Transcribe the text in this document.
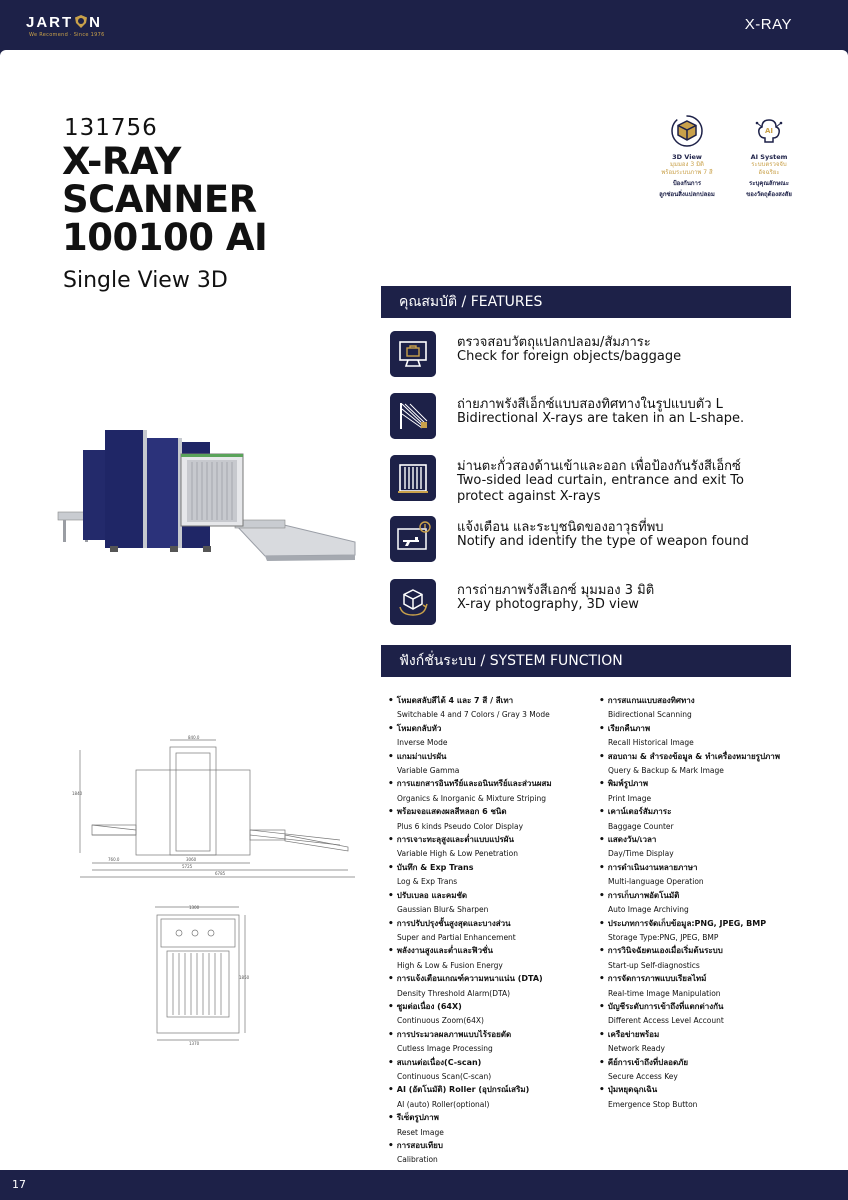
JART N
We Recomend · Since 1976
X-RAY
131756
X-RAY
SCANNER
100100 AI
Single View 3D
3D View
มุมมอง 3 มิติ
พร้อมระบบภาพ 7 สี
ป้องกันการ
ลูกซ่อนสิ่งแปลกปลอม
AI
AI System
ระบบตรวจจับ
อัจฉริยะ
ระบุคุณลักษณะ
ของวัตถุต้องสงสัย
คุณสมบัติ / FEATURES
ตรวจสอบวัตถุแปลกปลอม/สัมภาระ
Check for foreign objects/baggage
ถ่ายภาพรังสีเอ็กซ์แบบสองทิศทางในรูปแบบตัว L
Bidirectional X-rays are taken in an L-shape.
ม่านตะกั่วสองด้านเข้าและออก เพื่อป้องกันรังสีเอ็กซ์
Two-sided lead curtain, entrance and exit To
protect against X-rays
แจ้งเตือน และระบุชนิดของอาวุธที่พบ
Notify and identify the type of weapon found
การถ่ายภาพรังสีเอกซ์ มุมมอง 3 มิติ
X-ray photography, 3D view
840.0
1840
760.0	3060
5725
6785
1300
1850
1370
ฟังก์ชั่นระบบ / SYSTEM FUNCTION
• โหมดสลับสีได้ 4 และ 7 สี / สีเทา
Switchable 4 and 7 Colors / Gray 3 Mode
• โหมดกลับหัว
Inverse Mode
• แกมม่าแปรผัน
Variable Gamma
• การแยกสารอินทรีย์และอนินทรีย์และส่วนผสม
Organics & Inorganic & Mixture Striping
• พร้อมจอแสดงผลสีหลอก 6 ชนิด
Plus 6 kinds Pseudo Color Display
• การเจาะทะลุสูงและต่ำแบบแปรผัน
Variable High & Low Penetration
• บันทึก & Exp Trans
Log & Exp Trans
• ปรับเบลอ และคมชัด
Gaussian Blur& Sharpen
• การปรับปรุงชั้นสูงสุดและบางส่วน
Super and Partial Enhancement
• พลังงานสูงและต่ำและฟิวชั่น
High & Low & Fusion Energy
• การแจ้งเตือนเกณฑ์ความหนาแน่น (DTA)
Density Threshold Alarm(DTA)
• ซูมต่อเนื่อง (64X)
Continuous Zoom(64X)
• การประมวลผลภาพแบบไร้รอยตัด
Cutless Image Processing
• สแกนต่อเนื่อง(C-scan)
Continuous Scan(C-scan)
• AI (อัตโนมัติ) Roller (อุปกรณ์เสริม)
AI (auto) Roller(optional)
• รีเซ็ตรูปภาพ
Reset Image
• การสอบเทียบ
Calibration
• การสแกนแบบสองทิศทาง
Bidirectional Scanning
• เรียกคืนภาพ
Recall Historical Image
• สอบถาม & สำรองข้อมูล & ทำเครื่องหมายรูปภาพ
Query & Backup & Mark Image
• พิมพ์รูปภาพ
Print Image
• เคาน์เตอร์สัมภาระ
Baggage Counter
• แสดงวัน/เวลา
Day/Time Display
• การดำเนินงานหลายภาษา
Multi-language Operation
• การเก็บภาพอัตโนมัติ
Auto Image Archiving
• ประเภทการจัดเก็บข้อมูล:PNG, JPEG, BMP
Storage Type:PNG, JPEG, BMP
• การวินิจฉัยตนเองเมื่อเริ่มต้นระบบ
Start-up Self-diagnostics
• การจัดการภาพแบบเรียลไทม์
Real-time Image Manipulation
• บัญชีระดับการเข้าถึงที่แตกต่างกัน
Different Access Level Account
• เครือข่ายพร้อม
Network Ready
• คีย์การเข้าถึงที่ปลอดภัย
Secure Access Key
• ปุ่มหยุดฉุกเฉิน
Emergence Stop Button
17
